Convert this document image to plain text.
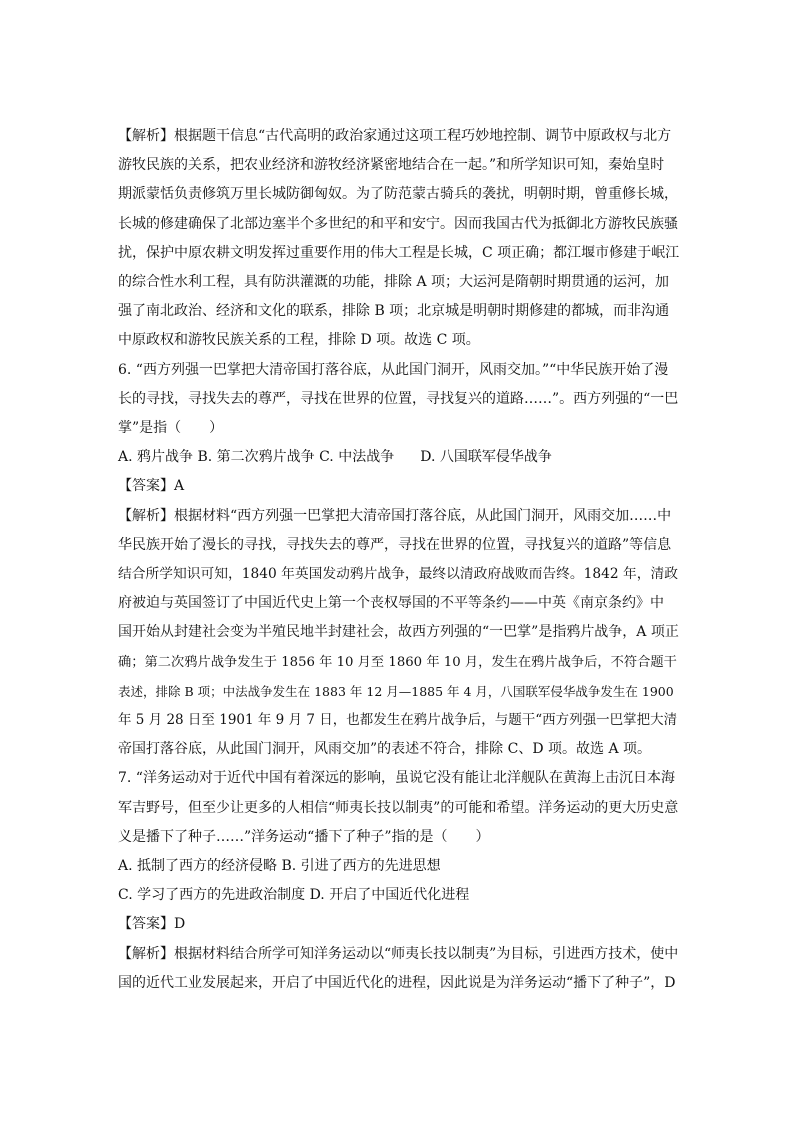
【解析】根据题干信息“古代高明的政治家通过这项工程巧妙地控制、调节中原政权与北方
游牧民族的关系，把农业经济和游牧经济紧密地结合在一起。”和所学知识可知，秦始皇时
期派蒙恬负责修筑万里长城防御匈奴。为了防范蒙古骑兵的袭扰，明朝时期，曾重修长城，
长城的修建确保了北部边塞半个多世纪的和平和安宁。因而我国古代为抵御北方游牧民族骚
扰，保护中原农耕文明发挥过重要作用的伟大工程是长城，C 项正确；都江堰市修建于岷江
的综合性水利工程，具有防洪灌溉的功能，排除 A 项；大运河是隋朝时期贯通的运河，加
强了南北政治、经济和文化的联系，排除 B 项；北京城是明朝时期修建的都城，而非沟通
中原政权和游牧民族关系的工程，排除 D 项。故选 C 项。
6. “西方列强一巴掌把大清帝国打落谷底，从此国门洞开，风雨交加。”“中华民族开始了漫
长的寻找，寻找失去的尊严，寻找在世界的位置，寻找复兴的道路……”。西方列强的“一巴
掌”是指（　　）
A. 鸦片战争 B. 第二次鸦片战争 C. 中法战争 D. 八国联军侵华战争
【答案】A
【解析】根据材料“西方列强一巴掌把大清帝国打落谷底，从此国门洞开，风雨交加……中
华民族开始了漫长的寻找，寻找失去的尊严，寻找在世界的位置，寻找复兴的道路”等信息
结合所学知识可知，1840 年英国发动鸦片战争，最终以清政府战败而告终。1842 年，清政
府被迫与英国签订了中国近代史上第一个丧权辱国的不平等条约——中英《南京条约》中
国开始从封建社会变为半殖民地半封建社会，故西方列强的“一巴掌”是指鸦片战争，A 项正
确；第二次鸦片战争发生于 1856 年 10 月至 1860 年 10 月，发生在鸦片战争后，不符合题干
表述，排除 B 项；中法战争发生在 1883 年 12 月—1885 年 4 月，八国联军侵华战争发生在 1900
年 5 月 28 日至 1901 年 9 月 7 日，也都发生在鸦片战争后，与题干“西方列强一巴掌把大清
帝国打落谷底，从此国门洞开，风雨交加”的表述不符合，排除 C、D 项。故选 A 项。
7. “洋务运动对于近代中国有着深远的影响，虽说它没有能让北洋舰队在黄海上击沉日本海
军吉野号，但至少让更多的人相信“师夷长技以制夷”的可能和希望。洋务运动的更大历史意
义是播下了种子……”洋务运动“播下了种子”指的是（　　）
A. 抵制了西方的经济侵略 B. 引进了西方的先进思想
C. 学习了西方的先进政治制度 D. 开启了中国近代化进程
【答案】D
【解析】根据材料结合所学可知洋务运动以“师夷长技以制夷”为目标，引进西方技术，使中
国的近代工业发展起来，开启了中国近代化的进程，因此说是为洋务运动“播下了种子”，D
